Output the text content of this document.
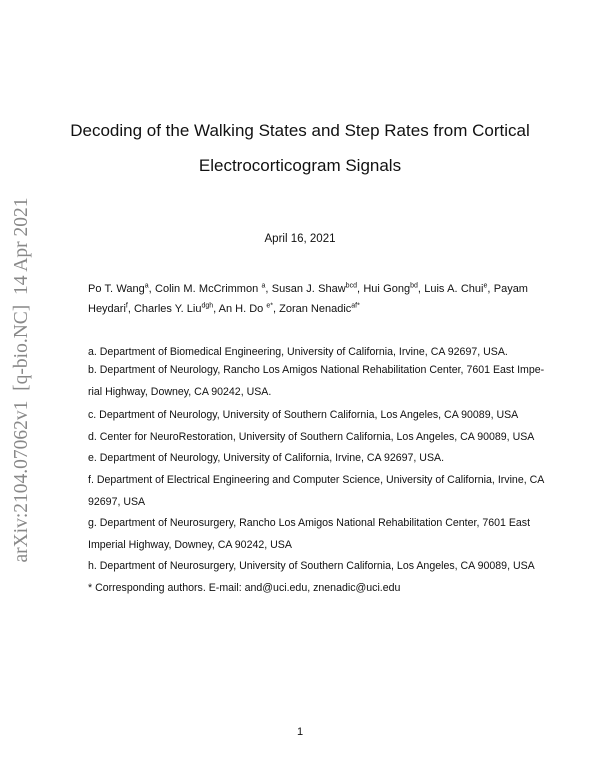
arXiv:2104.07062v1  [q-bio.NC]  14 Apr 2021
Decoding of the Walking States and Step Rates from Cortical
Electrocorticogram Signals
April 16, 2021
Po T. Wang$^a$, Colin M. McCrimmon $^a$, Susan J. Shaw$^{bcd}$, Hui Gong$^{bd}$, Luis A. Chui$^e$, Payam
Heydari$^f$, Charles Y. Liu$^{dgh}$, An H. Do $^{e*}$, Zoran Nenadic$^{af*}$
a. Department of Biomedical Engineering, University of California, Irvine, CA 92697, USA.
b. Department of Neurology, Rancho Los Amigos National Rehabilitation Center, 7601 East Impe-
rial Highway, Downey, CA 90242, USA.
c. Department of Neurology, University of Southern California, Los Angeles, CA 90089, USA
d. Center for NeuroRestoration, University of Southern California, Los Angeles, CA 90089, USA
e. Department of Neurology, University of California, Irvine, CA 92697, USA.
f. Department of Electrical Engineering and Computer Science, University of California, Irvine, CA
92697, USA
g. Department of Neurosurgery, Rancho Los Amigos National Rehabilitation Center, 7601 East
Imperial Highway, Downey, CA 90242, USA
h. Department of Neurosurgery, University of Southern California, Los Angeles, CA 90089, USA
* Corresponding authors. E-mail: and@uci.edu, znenadic@uci.edu
1
